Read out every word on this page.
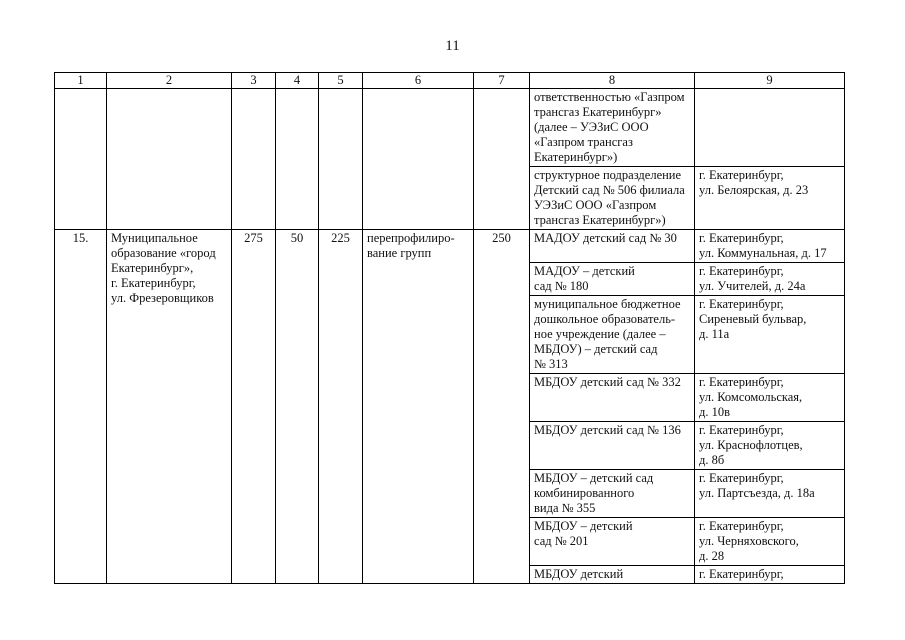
11
1	2	3	4	5	6	7	8	9
							ответственностью «Газпром
трансгаз Екатеринбург»
(далее – УЭЗиС ООО
«Газпром трансгаз
Екатеринбург»)	
							структурное подразделение
Детский сад № 506 филиала
УЭЗиС ООО «Газпром
трансгаз Екатеринбург»)	г. Екатеринбург,
ул. Белоярская, д. 23
15.	Муниципальное
образование «город
Екатеринбург»,
г. Екатеринбург,
ул. Фрезеровщиков	275	50	225	перепрофилиро-
вание групп	250	МАДОУ детский сад № 30	г. Екатеринбург,
ул. Коммунальная, д. 17
							МАДОУ – детский
сад № 180	г. Екатеринбург,
ул. Учителей, д. 24а
							муниципальное бюджетное
дошкольное образователь-
ное учреждение (далее –
МБДОУ) – детский сад
№ 313	г. Екатеринбург,
Сиреневый бульвар,
д. 11а
							МБДОУ детский сад № 332	г. Екатеринбург,
ул. Комсомольская,
д. 10в
							МБДОУ детский сад № 136	г. Екатеринбург,
ул. Краснофлотцев,
д. 8б
							МБДОУ – детский сад
комбинированного
вида № 355	г. Екатеринбург,
ул. Партсъезда, д. 18а
							МБДОУ – детский
сад № 201	г. Екатеринбург,
ул. Черняховского,
д. 28
							МБДОУ детский	г. Екатеринбург,
